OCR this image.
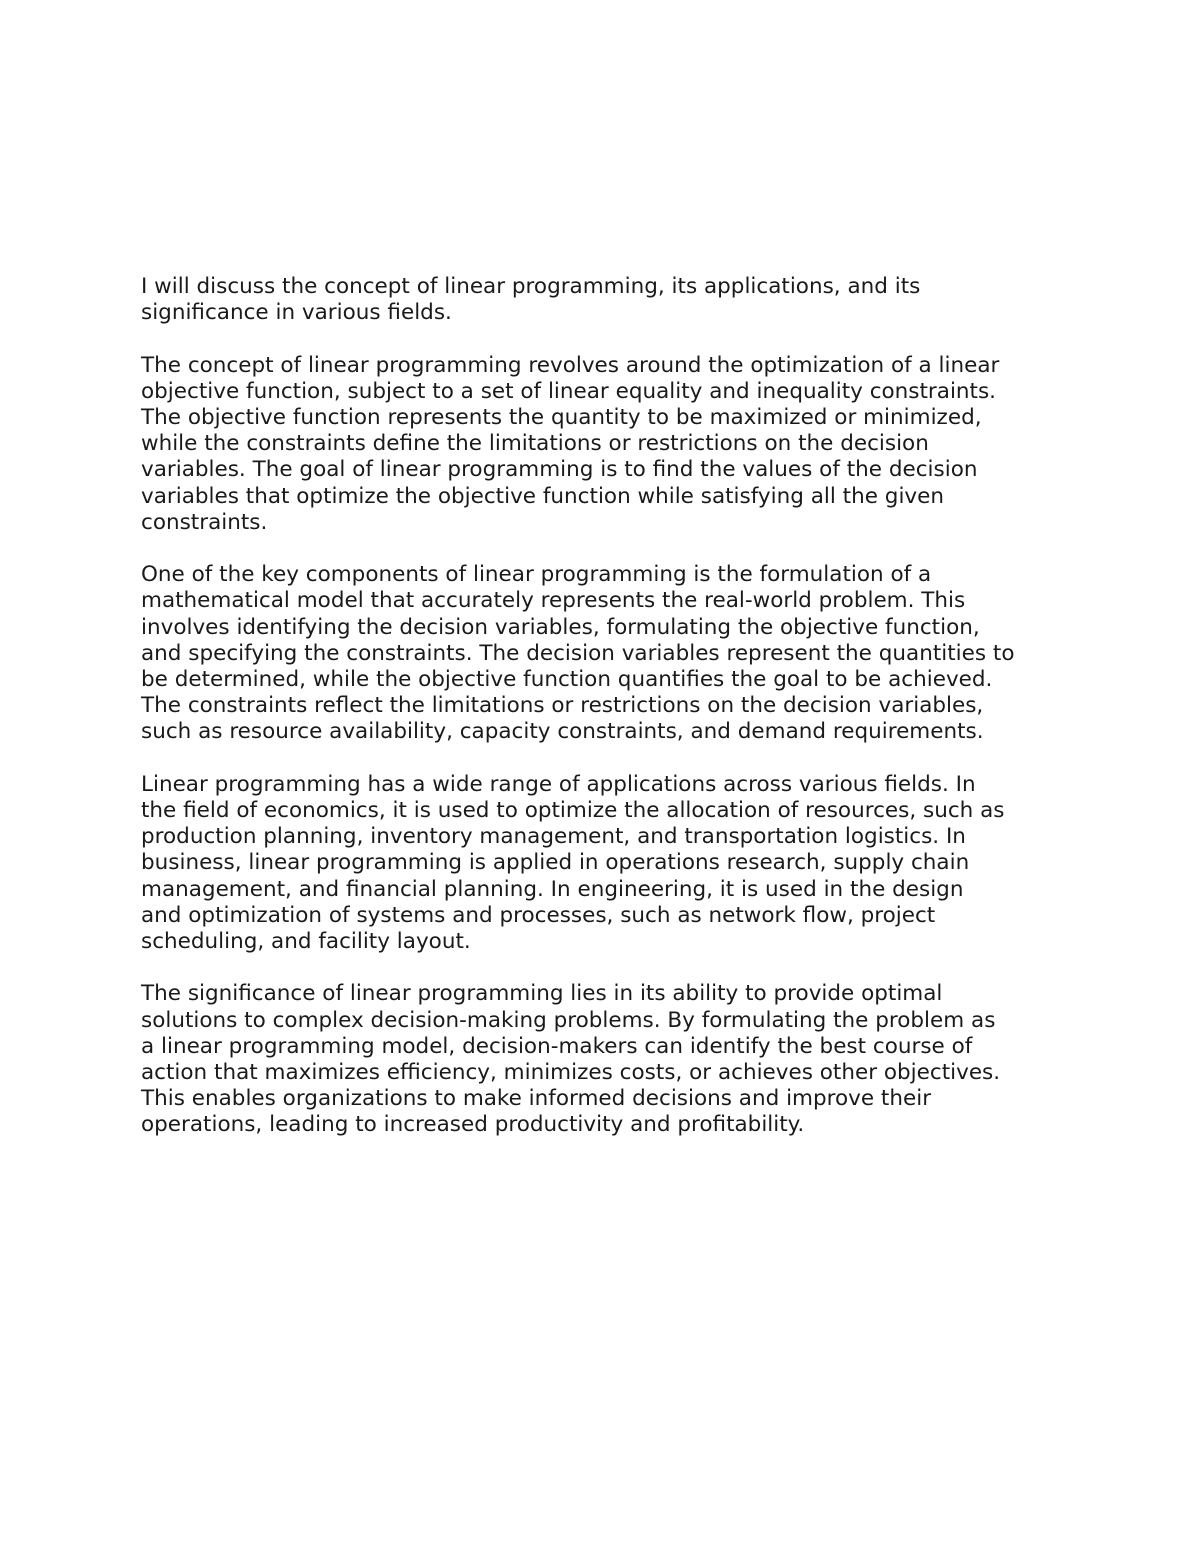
I will discuss the concept of linear programming, its applications, and its
significance in various fields.

The concept of linear programming revolves around the optimization of a linear
objective function, subject to a set of linear equality and inequality constraints.
The objective function represents the quantity to be maximized or minimized,
while the constraints define the limitations or restrictions on the decision
variables. The goal of linear programming is to find the values of the decision
variables that optimize the objective function while satisfying all the given
constraints.

One of the key components of linear programming is the formulation of a
mathematical model that accurately represents the real-world problem. This
involves identifying the decision variables, formulating the objective function,
and specifying the constraints. The decision variables represent the quantities to
be determined, while the objective function quantifies the goal to be achieved.
The constraints reflect the limitations or restrictions on the decision variables,
such as resource availability, capacity constraints, and demand requirements.

Linear programming has a wide range of applications across various fields. In
the field of economics, it is used to optimize the allocation of resources, such as
production planning, inventory management, and transportation logistics. In
business, linear programming is applied in operations research, supply chain
management, and financial planning. In engineering, it is used in the design
and optimization of systems and processes, such as network flow, project
scheduling, and facility layout.

The significance of linear programming lies in its ability to provide optimal
solutions to complex decision-making problems. By formulating the problem as
a linear programming model, decision-makers can identify the best course of
action that maximizes efficiency, minimizes costs, or achieves other objectives.
This enables organizations to make informed decisions and improve their
operations, leading to increased productivity and profitability.
